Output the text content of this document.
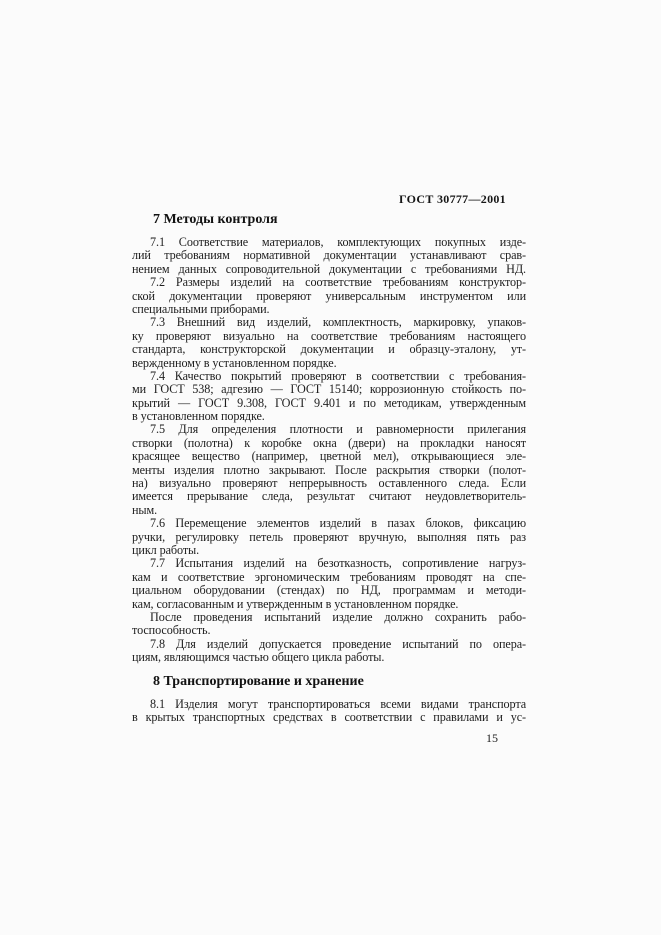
ГОСТ 30777—2001
7 Методы контроля
7.1 Соответствие материалов, комплектующих покупных изде-
лий требованиям нормативной документации устанавливают срав-
нением данных сопроводительной документации с требованиями НД.
7.2 Размеры изделий на соответствие требованиям конструктор-
ской документации проверяют универсальным инструментом или
специальными приборами.
7.3 Внешний вид изделий, комплектность, маркировку, упаков-
ку проверяют визуально на соответствие требованиям настоящего
стандарта, конструкторской документации и образцу-эталону, ут-
вержденному в установленном порядке.
7.4 Качество покрытий проверяют в соответствии с требования-
ми ГОСТ 538; адгезию — ГОСТ 15140; коррозионную стойкость по-
крытий — ГОСТ 9.308, ГОСТ 9.401 и по методикам, утвержденным
в установленном порядке.
7.5 Для определения плотности и равномерности прилегания
створки (полотна) к коробке окна (двери) на прокладки наносят
красящее вещество (например, цветной мел), открывающиеся эле-
менты изделия плотно закрывают. После раскрытия створки (полот-
на) визуально проверяют непрерывность оставленного следа. Если
имеется прерывание следа, результат считают неудовлетворитель-
ным.
7.6 Перемещение элементов изделий в пазах блоков, фиксацию
ручки, регулировку петель проверяют вручную, выполняя пять раз
цикл работы.
7.7 Испытания изделий на безотказность, сопротивление нагруз-
кам и соответствие эргономическим требованиям проводят на спе-
циальном оборудовании (стендах) по НД, программам и методи-
кам, согласованным и утвержденным в установленном порядке.
После проведения испытаний изделие должно сохранить рабо-
тоспособность.
7.8 Для изделий допускается проведение испытаний по опера-
циям, являющимся частью общего цикла работы.
8 Транспортирование и хранение
8.1 Изделия могут транспортироваться всеми видами транспорта
в крытых транспортных средствах в соответствии с правилами и ус-
15
